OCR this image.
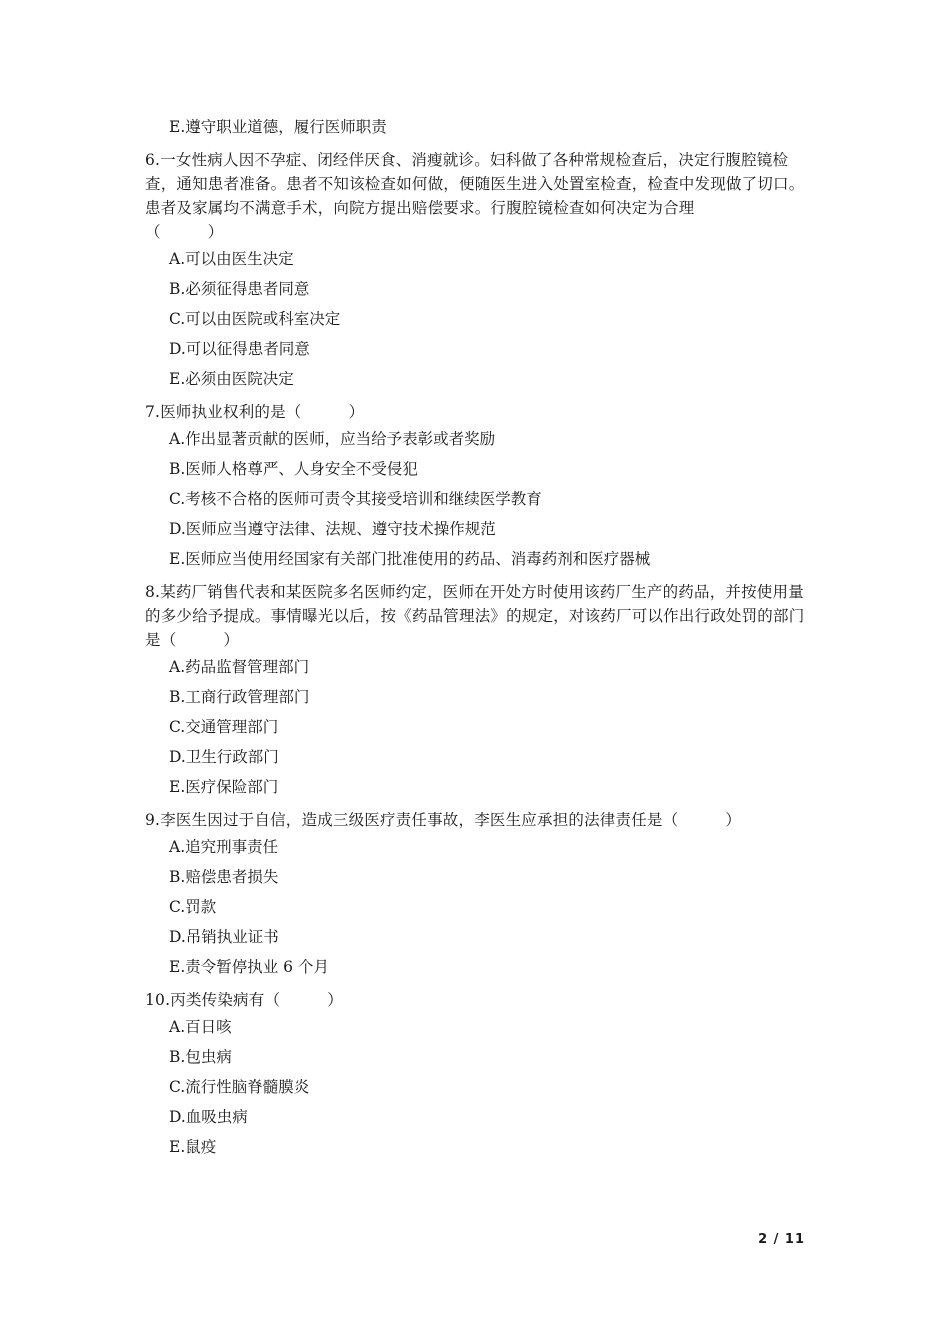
E.遵守职业道德，履行医师职责
6.一女性病人因不孕症、闭经伴厌食、消瘦就诊。妇科做了各种常规检查后，决定行腹腔镜检查，通知患者准备。患者不知该检查如何做，便随医生进入处置室检查，检查中发现做了切口。患者及家属均不满意手术，向院方提出赔偿要求。行腹腔镜检查如何决定为合理
（　　　）
A.可以由医生决定
B.必须征得患者同意
C.可以由医院或科室决定
D.可以征得患者同意
E.必须由医院决定
7.医师执业权利的是（　　　）
A.作出显著贡献的医师，应当给予表彰或者奖励
B.医师人格尊严、人身安全不受侵犯
C.考核不合格的医师可责令其接受培训和继续医学教育
D.医师应当遵守法律、法规、遵守技术操作规范
E.医师应当使用经国家有关部门批准使用的药品、消毒药剂和医疗器械
8.某药厂销售代表和某医院多名医师约定，医师在开处方时使用该药厂生产的药品，并按使用量的多少给予提成。事情曝光以后，按《药品管理法》的规定，对该药厂可以作出行政处罚的部门是（　　　）
A.药品监督管理部门
B.工商行政管理部门
C.交通管理部门
D.卫生行政部门
E.医疗保险部门
9.李医生因过于自信，造成三级医疗责任事故，李医生应承担的法律责任是（　　　）
A.追究刑事责任
B.赔偿患者损失
C.罚款
D.吊销执业证书
E.责令暂停执业 6 个月
10.丙类传染病有（　　　）
A.百日咳
B.包虫病
C.流行性脑脊髓膜炎
D.血吸虫病
E.鼠疫
2 / 11
